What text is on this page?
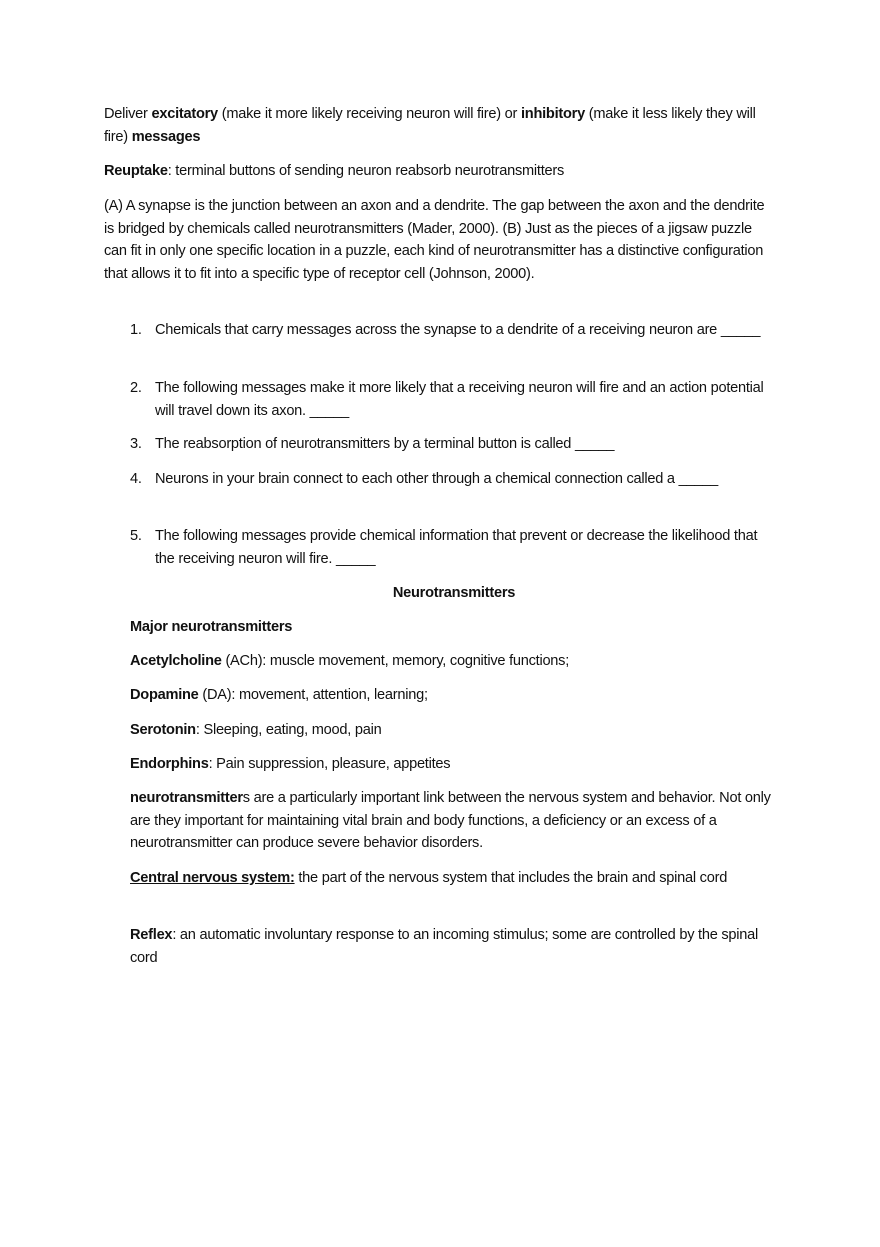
Deliver excitatory (make it more likely receiving neuron will fire) or inhibitory (make it less likely they will fire) messages

Reuptake: terminal buttons of sending neuron reabsorb neurotransmitters

(A) A synapse is the junction between an axon and a dendrite. The gap between the axon and the dendrite is bridged by chemicals called neurotransmitters (Mader, 2000). (B) Just as the pieces of a jigsaw puzzle can fit in only one specific location in a puzzle, each kind of neurotransmitter has a distinctive configuration that allows it to fit into a specific type of receptor cell (Johnson, 2000).

1. Chemicals that carry messages across the synapse to a dendrite of a receiving neuron are _____
2. The following messages make it more likely that a receiving neuron will fire and an action potential will travel down its axon. _____
3. The reabsorption of neurotransmitters by a terminal button is called _____
4. Neurons in your brain connect to each other through a chemical connection called a _____
5. The following messages provide chemical information that prevent or decrease the likelihood that the receiving neuron will fire. _____

Neurotransmitters

Major neurotransmitters

Acetylcholine (ACh): muscle movement, memory, cognitive functions;

Dopamine (DA): movement, attention, learning;

Serotonin: Sleeping, eating, mood, pain

Endorphins: Pain suppression, pleasure, appetites

neurotransmitters are a particularly important link between the nervous system and behavior. Not only are they important for maintaining vital brain and body functions, a deficiency or an excess of a neurotransmitter can produce severe behavior disorders.

Central nervous system: the part of the nervous system that includes the brain and spinal cord

Reflex: an automatic involuntary response to an incoming stimulus; some are controlled by the spinal cord
